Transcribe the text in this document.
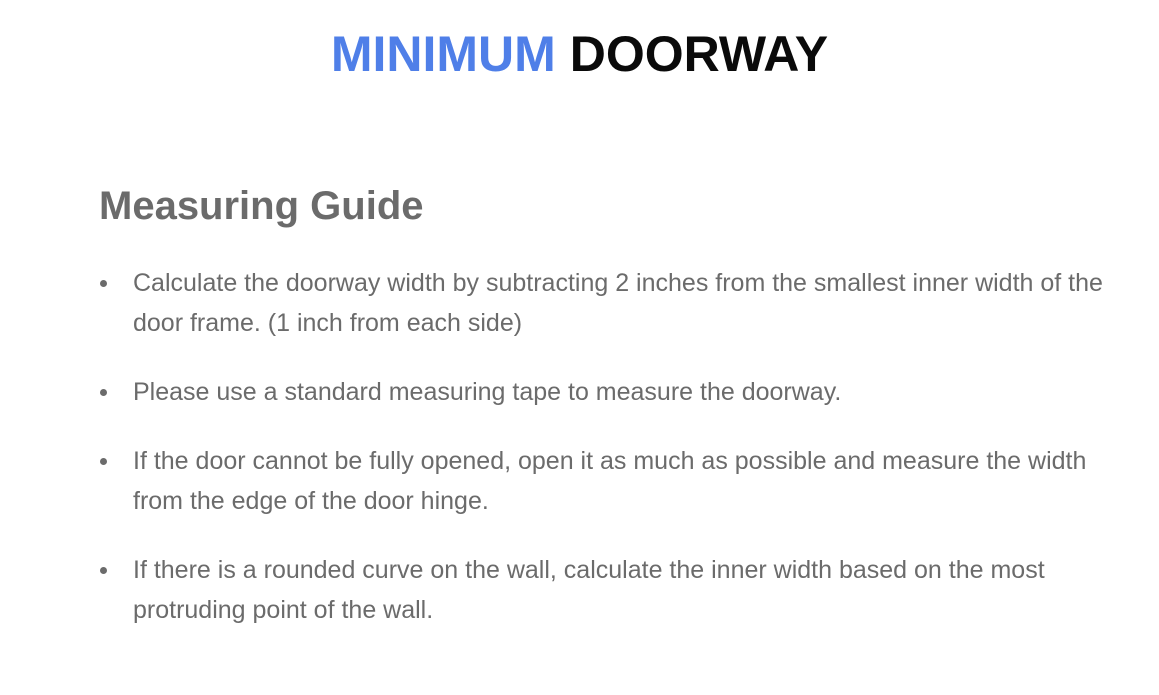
MINIMUM DOORWAY
Measuring Guide
Calculate the doorway width by subtracting 2 inches from the smallest inner width of the door frame. (1 inch from each side)
Please use a standard measuring tape to measure the doorway.
If the door cannot be fully opened, open it as much as possible and measure the width from the edge of the door hinge.
If there is a rounded curve on the wall, calculate the inner width based on the most protruding point of the wall.
